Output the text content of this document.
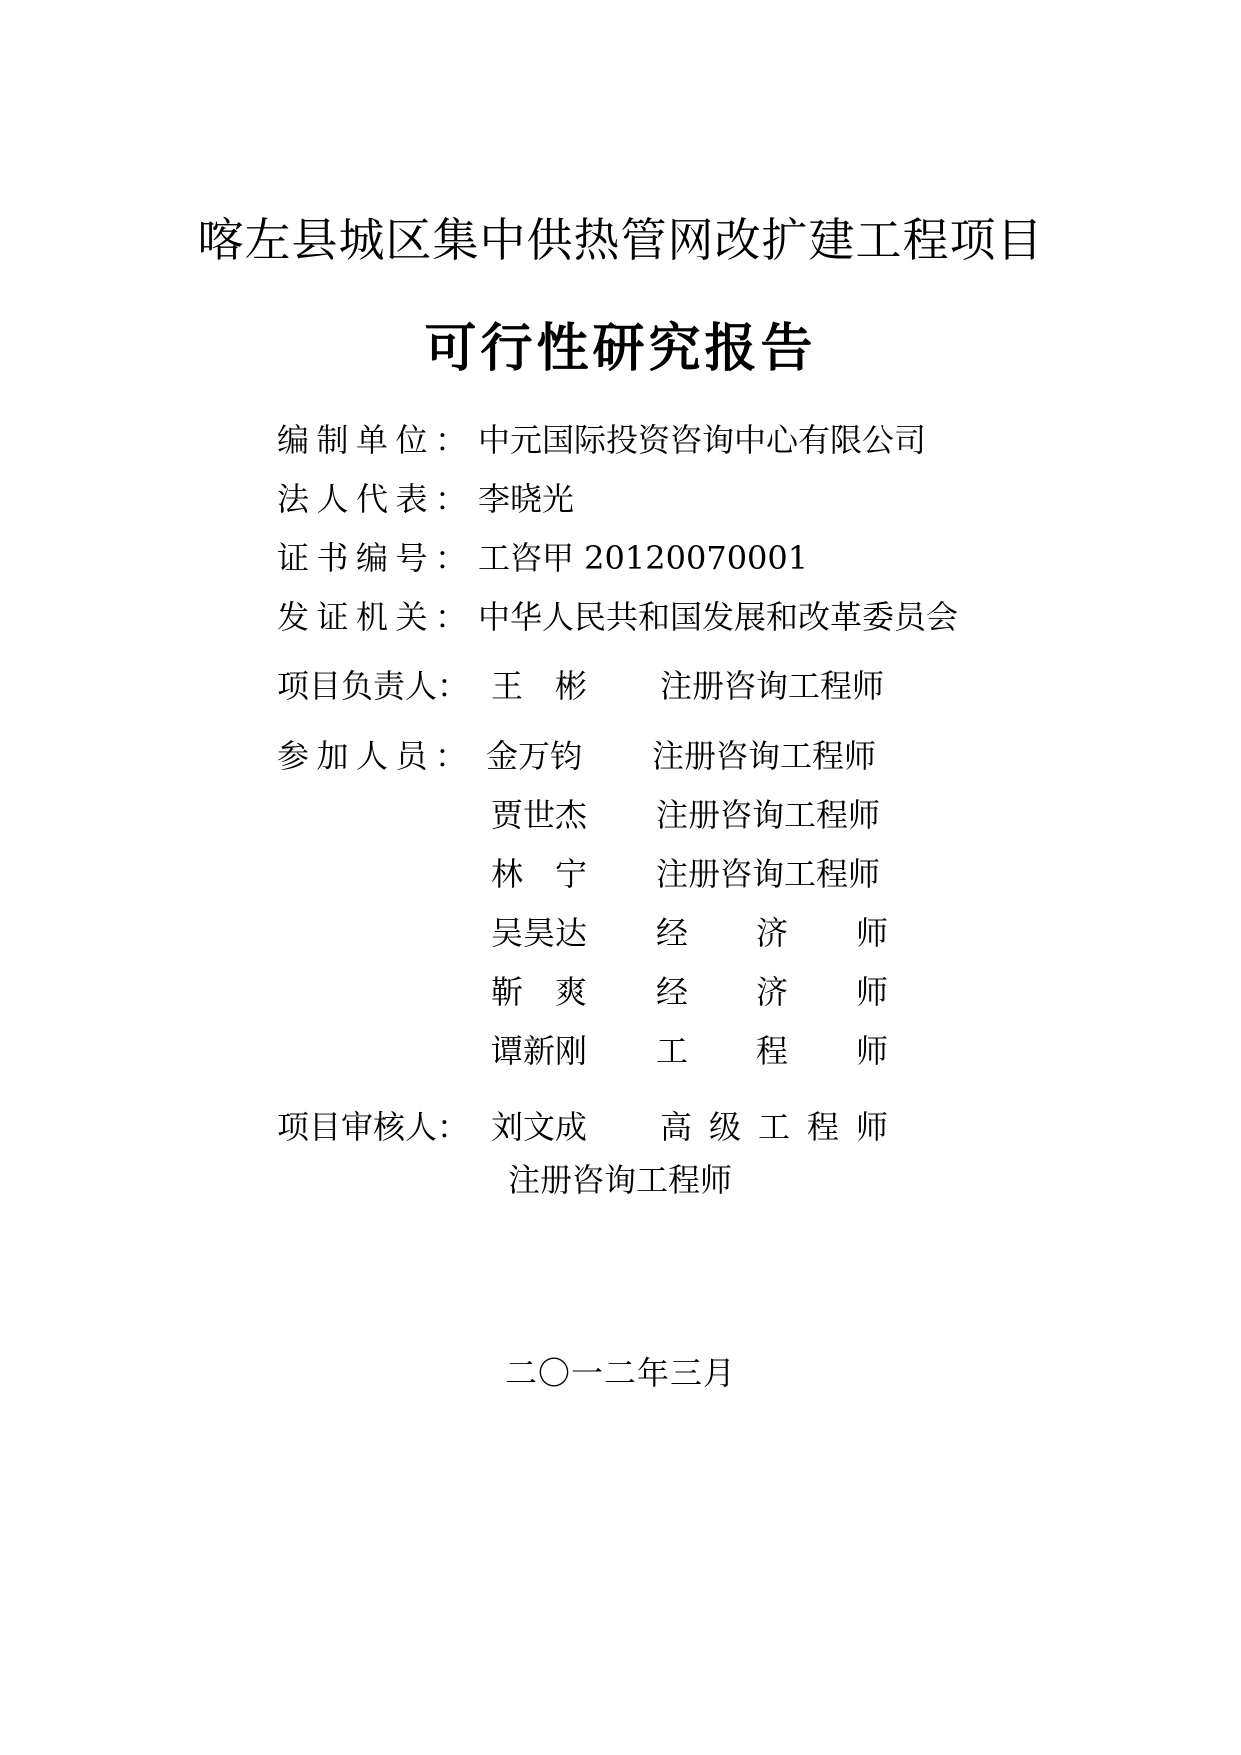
喀左县城区集中供热管网改扩建工程项目
可行性研究报告
编 制 单 位 ： 中元国际投资咨询中心有限公司
法 人 代 表 ： 李晓光
证 书 编 号 ： 工咨甲 20120070001
发 证 机 关 ： 中华人民共和国发展和改革委员会
项目负责人： 王 彬 注册咨询工程师
参 加 人 员 ： 金万钧 注册咨询工程师
贾世杰 注册咨询工程师
林 宁 注册咨询工程师
吴昊达 经 济 师
靳 爽 经 济 师
谭新刚 工 程 师
项目审核人： 刘文成 高 级 工 程 师
注册咨询工程师
二〇一二年三月
